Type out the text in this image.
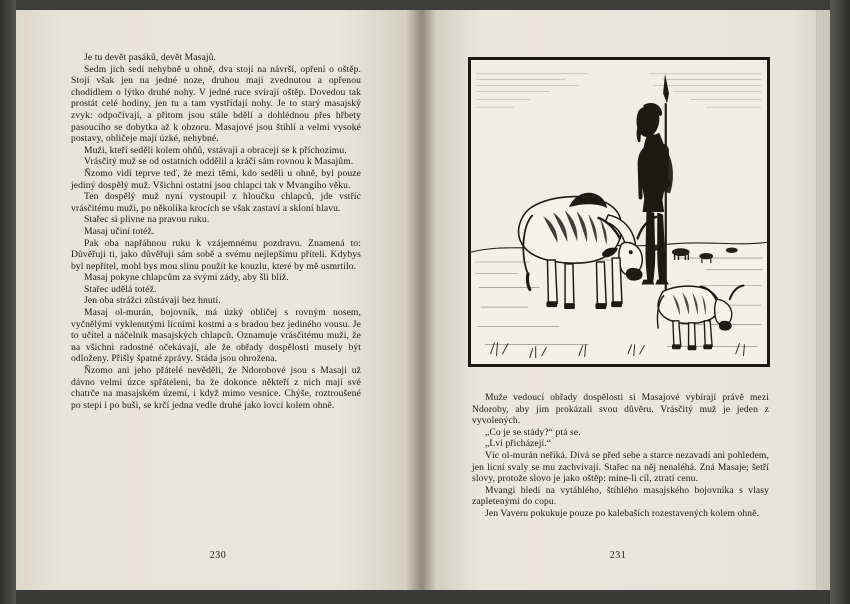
Je tu devět pasáků, devět Masajů.

Sedm jich sedí nehybně u ohně, dva stojí na návrší, opřeni o oštěp. Stojí však jen na jedné noze, druhou mají zvednutou a opřenou chodidlem o lýtko druhé nohy. V jedné ruce svírají oštěp. Dovedou tak prostát celé hodiny, jen tu a tam vystřídají nohy. Je to starý masajský zvyk: odpočívají, a přitom jsou stále bdělí a dohlédnou přes hřbety pasoucího se dobytka až k obzoru. Masajové jsou štíhlí a velmi vysoké postavy, obličeje mají úzké, nehybné.

Muži, kteří seděli kolem ohňů, vstávají a obracejí se k příchozímu.

Vrásčitý muž se od ostatních oddělil a kráčí sám rovnou k Masajům.

Ňzomo vidí teprve teď, že mezi těmi, kdo seděli u ohně, byl pouze jediný dospělý muž. Všichni ostatní jsou chlapci tak v Mvangiho věku.

Ten dospělý muž nyní vystoupil z hloučku chlapců, jde vstříc vrásčitému muži, po několika krocích se však zastaví a skloní hlavu.

Stařec si plivne na pravou ruku.

Masaj učiní totéž.

Pak oba napřáhnou ruku k vzájemnému pozdravu. Znamená to: Důvěřuji ti, jako důvěřuji sám sobě a svému nejlepšímu příteli. Kdybys byl nepřítel, mohl bys mou slinu použít ke kouzlu, které by mě usmrtilo.

Masaj pokyne chlapcům za svými zády, aby šli blíž.

Stařec udělá totéž.

Jen oba strážci zůstávají bez hnutí.

Masaj ol-murán, bojovník, má úzký obličej s rovným nosem, vyčnělými vyklenutými lícními kostmi a s bradou bez jediného vousu. Je to učitel a náčelník masajských chlapců. Oznamuje vrásčitému muži, že na všichni radostné očekávají, ale že obřady dospělosti musely být odloženy. Přišly špatné zprávy. Stáda jsou ohrožena.

Ňzomo ani jeho přátelé nevěděli, že Ndorobové jsou s Masaji už dávno velmi úzce spřáteleni, ba že dokonce někteří z nich mají své chatrče na masajském území, i když mimo vesnice. Chýše, roztroušené po stepi i po buši, se krčí jedna vedle druhé jako lovci kolem ohně.

230

Muže vedoucí obřady dospělosti si Masajové vybírají právě mezi Ndoroby, aby jim prokázali svou důvěru. Vrásčitý muž je jeden z vyvolených.

„Co je se stády?“ ptá se.

„Lvi přicházejí.“

Víc ol-murán neříká. Dívá se před sebe a starce nezavadí ani pohledem, jen lícní svaly se mu zachvívají. Stařec na něj nenaléhá. Zná Masaje; šetří slovy, protože slovo je jako oštěp: mine-li cíl, ztratí cenu.

Mvangi hledí na vytáhlého, štíhlého masajského bojovníka s vlasy zapletenými do copu.

Jen Vaveru pokukuje pouze po kalebaších rozestavených kolem ohně.

231
